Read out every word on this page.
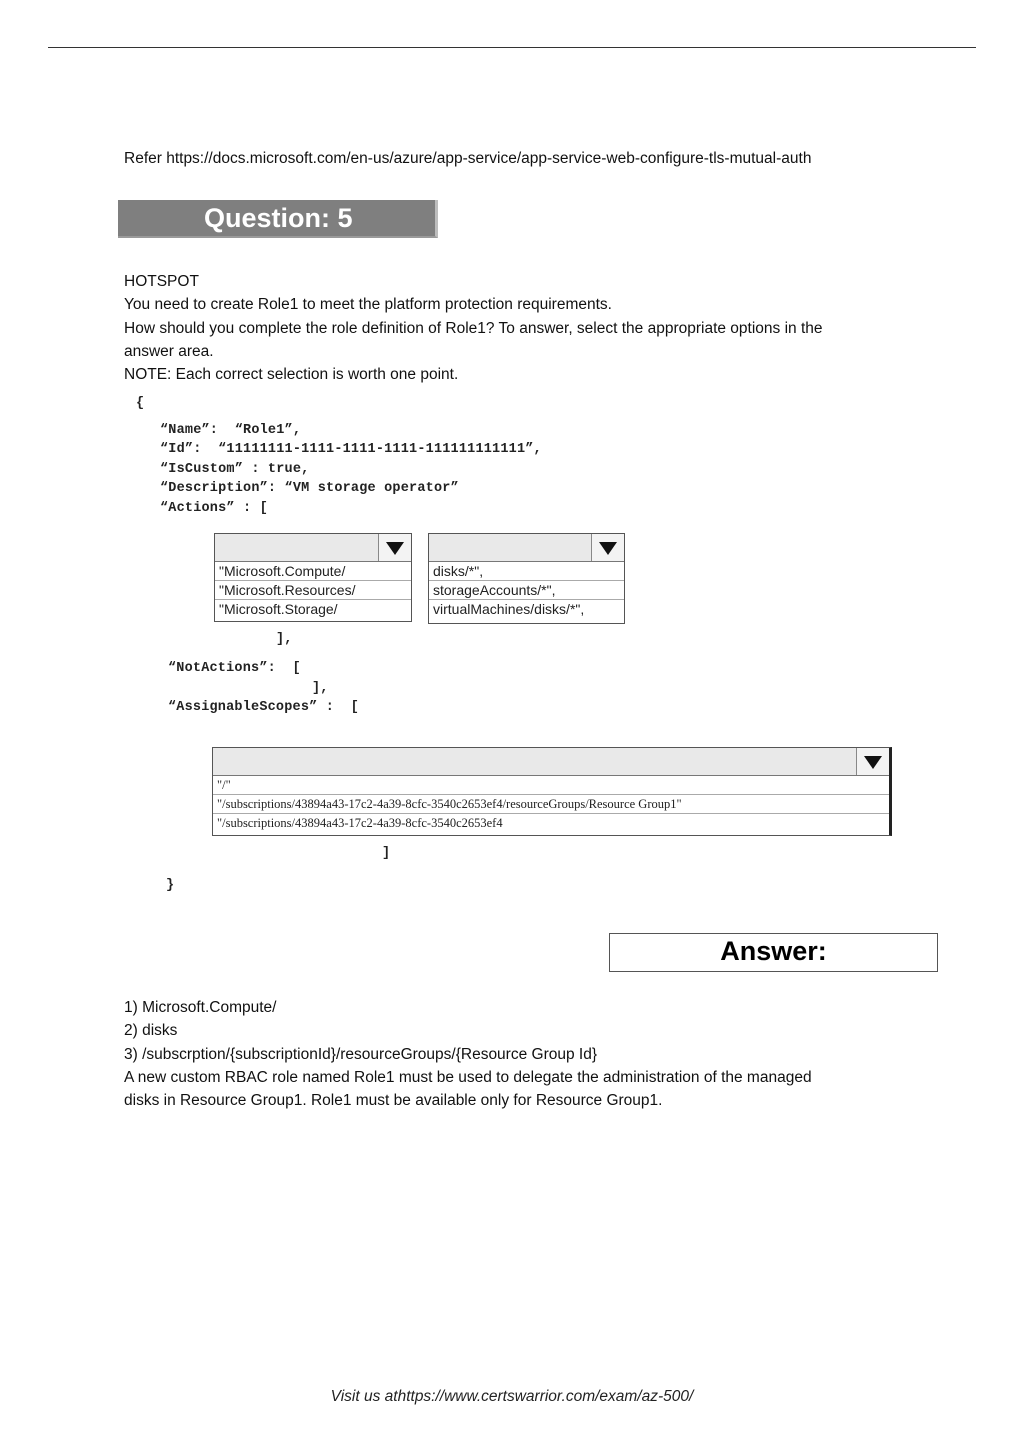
Refer https://docs.microsoft.com/en-us/azure/app-service/app-service-web-configure-tls-mutual-auth
Question: 5
HOTSPOT
You need to create Role1 to meet the platform protection requirements.
How should you complete the role definition of Role1? To answer, select the appropriate options in the
answer area.
NOTE: Each correct selection is worth one point.
{
“Name”:  “Role1”,
“Id”:  “11111111-1111-1111-1111-111111111111”,
“IsCustom” : true,
“Description”: “VM storage operator”
“Actions” : [
"Microsoft.Compute/
"Microsoft.Resources/
"Microsoft.Storage/
disks/*",
storageAccounts/*",
virtualMachines/disks/*",
],
“NotActions”:  [
],
“AssignableScopes” :  [
"/"
"/subscriptions/43894a43-17c2-4a39-8cfc-3540c2653ef4/resourceGroups/Resource Group1"
"/subscriptions/43894a43-17c2-4a39-8cfc-3540c2653ef4
]
}
Answer:
1) Microsoft.Compute/
2) disks
3) /subscrption/{subscriptionId}/resourceGroups/{Resource Group Id}
A new custom RBAC role named Role1 must be used to delegate the administration of the managed
disks in Resource Group1. Role1 must be available only for Resource Group1.
Visit us athttps://www.certswarrior.com/exam/az-500/
